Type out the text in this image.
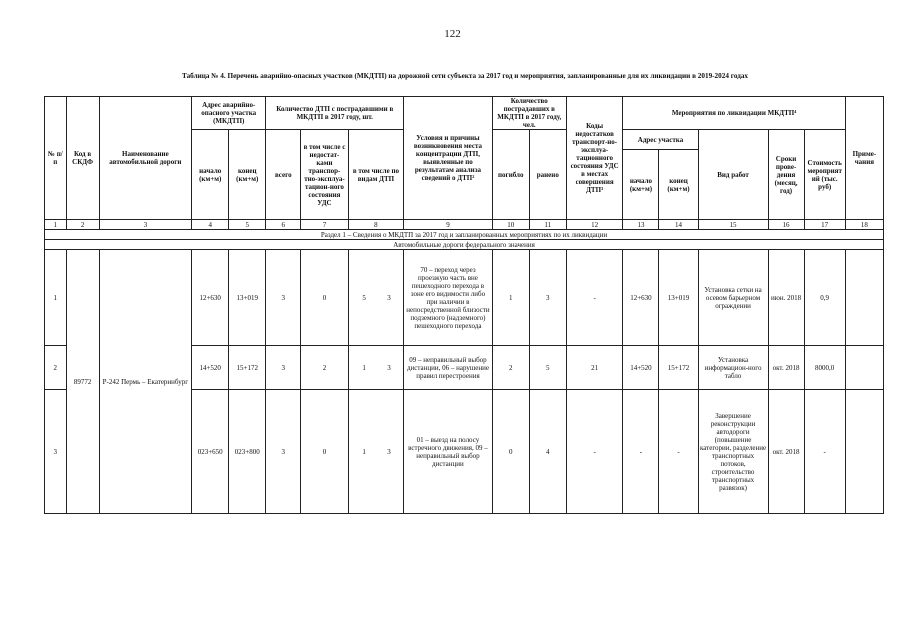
122
Таблица № 4. Перечень аварийно-опасных участков (МКДТП) на дорожной сети субъекта за 2017 год и мероприятия, запланированные для их ликвидации в 2019-2024 годах
№ п/п	Код в СКДФ	Наименование автомобильной дороги	Адрес аварийно-опасного участка (МКДТП)		Количество ДТП с пострадавшими в МКДТП в 2017 году, шт.			Условия и причины возникновения места концентрации ДТП, выявленные по результатам анализа сведений о ДТП²	Количество пострадавших в МКДТП в 2017 году, чел.		Коды недостатков транспорт-но-эксплуа-тационного состояния УДС в местах совершения ДТП³	Мероприятия по ликвидации МКДТП⁴					Приме-чания
			начало (км+м)	конец (км+м)	всего	в том числе с недостат-ками транспор-тно-эксплуа-тацион-ного состояния УДС	в том числе по видам ДТП		погибло	ранено		Адрес участка		Вид работ	Сроки прове-дения (месяц, год)	Стоимость мероприят ий (тыс. руб)	
												начало (км+м)	конец (км+м)				
1	2	3	4	5	6	7	8	9	10	11	12	13	14	15	16	17	18
Раздел 1 – Сведения о МКДТП за 2017 год и запланированных мероприятиях по их ликвидации																	
Автомобильные дороги федерального значения																	
1	89772	Р-242 Пермь – Екатеринбург	12+630	13+019	3	0	5 3	70 – переход через проезжую часть вне пешеходного перехода в зоне его видимости либо при наличии в непосредственной близости подземного (надземного) пешеходного перехода	1	3	-	12+630	13+019	Установка сетки на осевом барьерном ограждении	июн. 2018	0,9	
2			14+520	15+172	3	2	1 3	09 – неправильный выбор дистанции, 06 – нарушение правил перестроения	2	5	21	14+520	15+172	Установка информацион-ного табло	окт. 2018	8000,0	
3			023+650	023+800	3	0	1 3	01 – выезд на полосу встречного движения, 09 – неправильный выбор дистанции	0	4	-	-	-	Завершение реконструкции автодороги (повышение категории, разделение транспортных потоков, строительство транспортных развязок)	окт. 2018	-	
